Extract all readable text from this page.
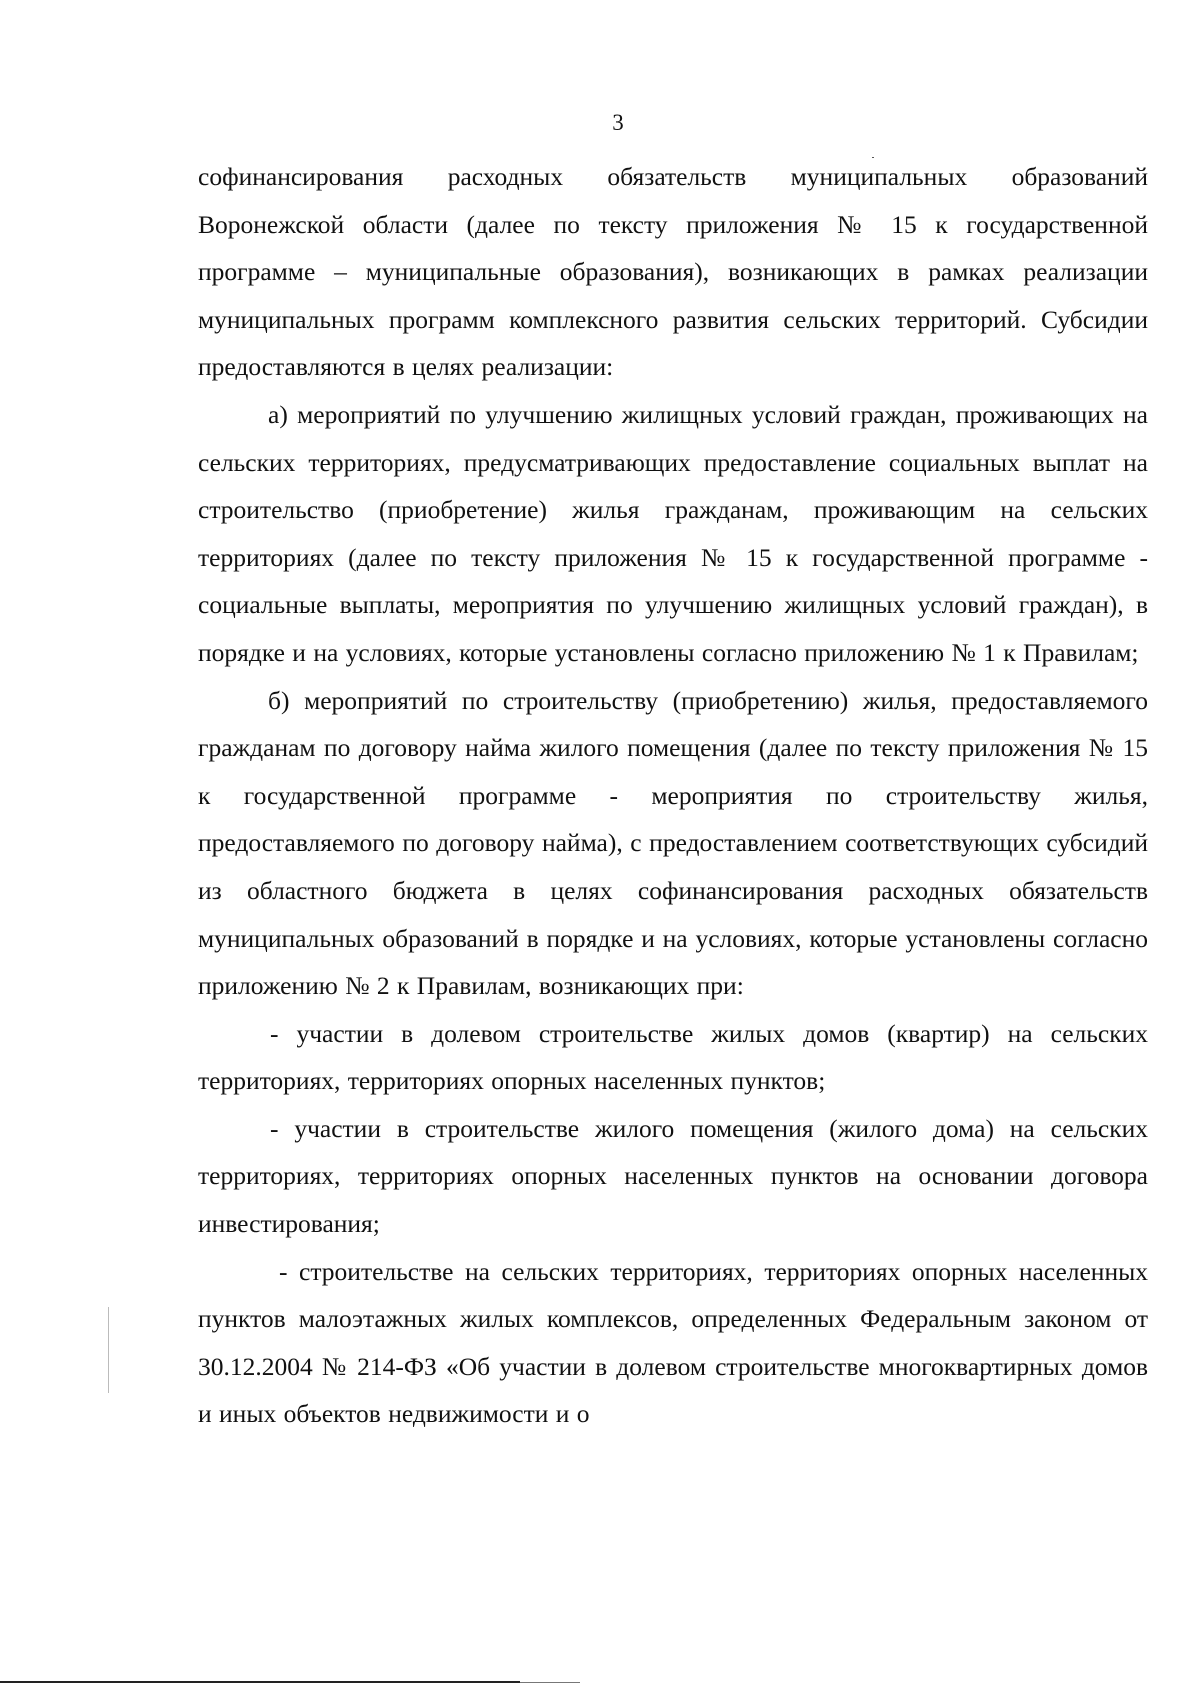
3

софинансирования расходных обязательств муниципальных образований Воронежской области (далее по тексту приложения № 15 к государственной программе – муниципальные образования), возникающих в рамках реализации муниципальных программ комплексного развития сельских территорий. Субсидии предоставляются в целях реализации:

а) мероприятий по улучшению жилищных условий граждан, проживающих на сельских территориях, предусматривающих предоставление социальных выплат на строительство (приобретение) жилья гражданам, проживающим на сельских территориях (далее по тексту приложения № 15 к государственной программе - социальные выплаты, мероприятия по улучшению жилищных условий граждан), в порядке и на условиях, которые установлены согласно приложению № 1 к Правилам;

б) мероприятий по строительству (приобретению) жилья, предоставляемого гражданам по договору найма жилого помещения (далее по тексту приложения № 15 к государственной программе - мероприятия по строительству жилья, предоставляемого по договору найма), с предоставлением соответствующих субсидий из областного бюджета в целях софинансирования расходных обязательств муниципальных образований в порядке и на условиях, которые установлены согласно приложению № 2 к Правилам, возникающих при:

- участии в долевом строительстве жилых домов (квартир) на сельских территориях, территориях опорных населенных пунктов;

- участии в строительстве жилого помещения (жилого дома) на сельских территориях, территориях опорных населенных пунктов на основании договора инвестирования;

- строительстве на сельских территориях, территориях опорных населенных пунктов малоэтажных жилых комплексов, определенных Федеральным законом от 30.12.2004 № 214-ФЗ «Об участии в долевом строительстве многоквартирных домов и иных объектов недвижимости и о
